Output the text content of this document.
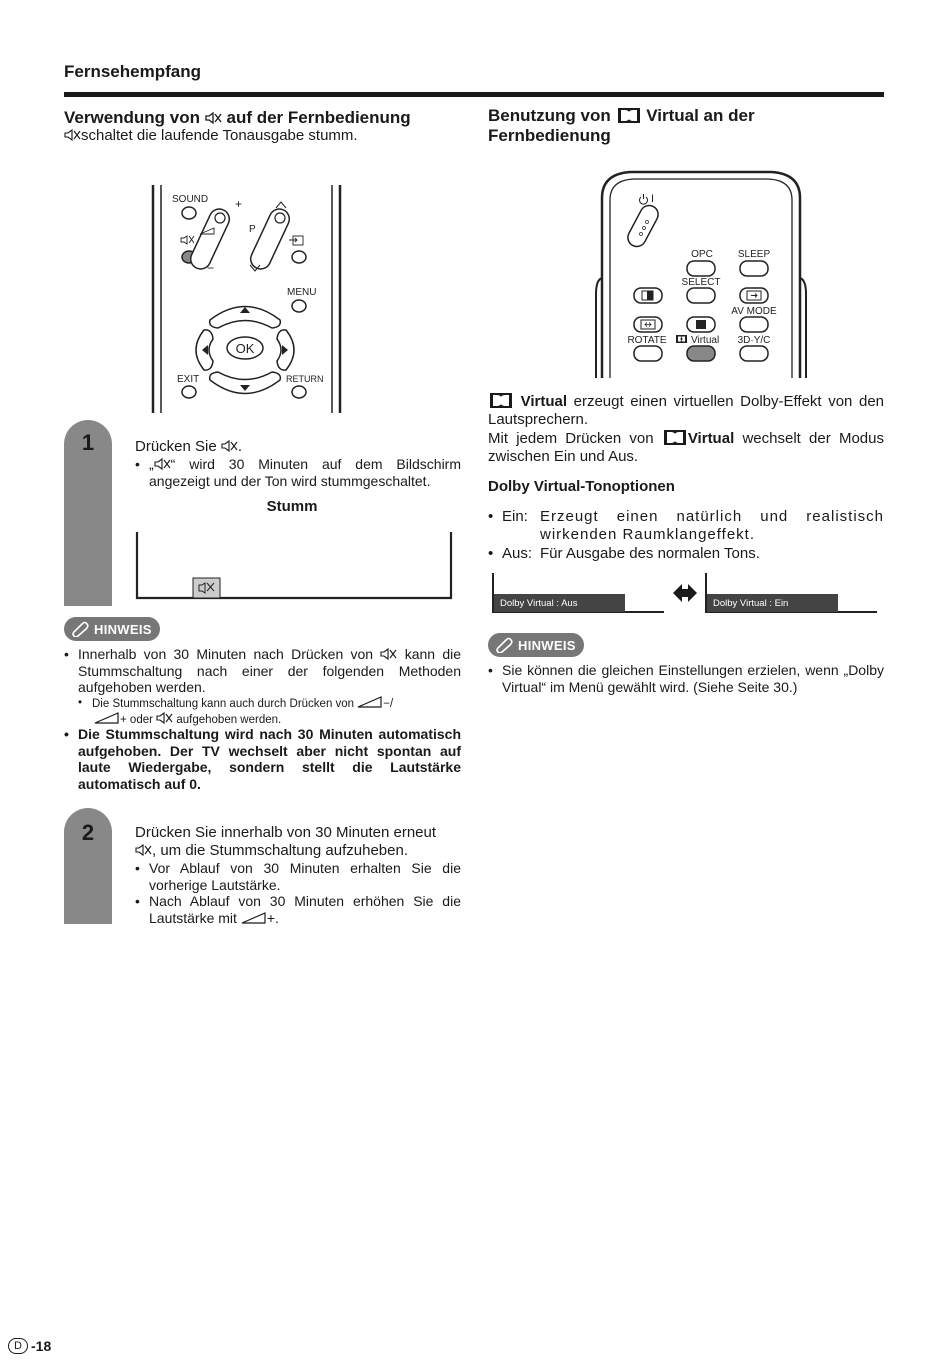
Fernsehempfang
Verwendung von auf der Fernbedienung
schaltet die laufende Tonausgabe stumm.
SOUND +
−
P
MENU
OK
EXIT	RETURN
1	Drücken Sie .
• „ “ wird 30 Minuten auf dem Bildschirm angezeigt und der Ton wird stummgeschaltet.
Stumm
HINWEIS
• Innerhalb von 30 Minuten nach Drücken von kann die Stummschaltung nach einer der folgenden Methoden aufgehoben werden.
• Die Stummschaltung kann auch durch Drücken von	−/
+ oder aufgehoben werden.
• Die Stummschaltung wird nach 30 Minuten automatisch aufgehoben. Der TV wechselt aber nicht spontan auf laute Wiedergabe, sondern stellt die Lautstärke automatisch auf 0.
2	Drücken Sie innerhalb von 30 Minuten erneut
, um die Stummschaltung aufzuheben.
• Vor Ablauf von 30 Minuten erhalten Sie die vorherige Lautstärke.
• Nach Ablauf von 30 Minuten erhöhen Sie die Lautstärke mit +.
Benutzung von Virtual an der
Fernbedienung
I
OPC	SLEEP
SELECT
AV MODE
ROTATE Virtual 3D·Y/C
Virtual erzeugt einen virtuellen Dolby-Effekt von den Lautsprechern.
Mit jedem Drücken von Virtual wechselt der Modus zwischen Ein und Aus.
Dolby Virtual-Tonoptionen
• Ein: Erzeugt einen natürlich und realistisch wirkenden Raumklangeffekt.
• Aus: Für Ausgabe des normalen Tons.
Dolby Virtual : Aus	Dolby Virtual : Ein
HINWEIS
• Sie können die gleichen Einstellungen erzielen, wenn „Dolby Virtual“ im Menü gewählt wird. (Siehe Seite 30.)
D -18
